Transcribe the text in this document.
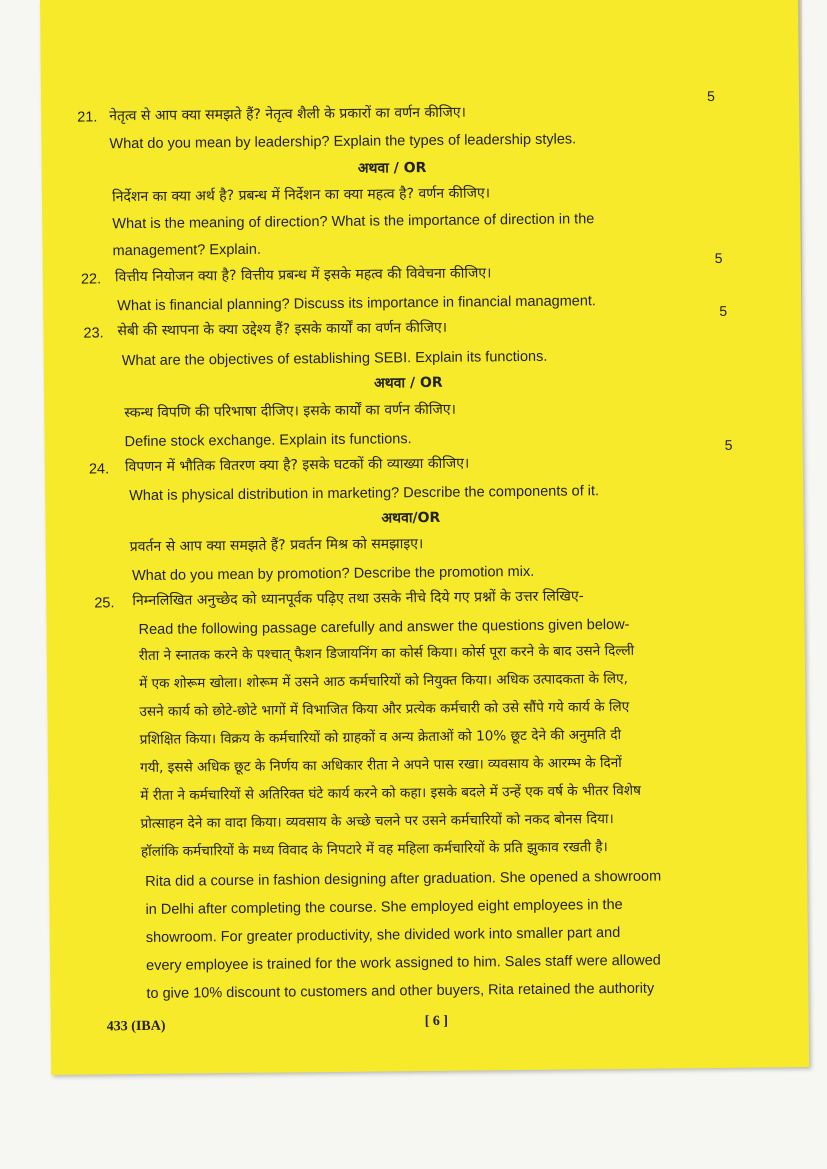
21.
5
नेतृत्व से आप क्या समझते हैं? नेतृत्व शैली के प्रकारों का वर्णन कीजिए।
What do you mean by leadership? Explain the types of leadership styles.
अथवा / OR
निर्देशन का क्या अर्थ है? प्रबन्ध में निर्देशन का क्या महत्व है? वर्णन कीजिए।
What is the meaning of direction? What is the importance of direction in the
management? Explain.
22.
5
वित्तीय नियोजन क्या है? वित्तीय प्रबन्ध में इसके महत्व की विवेचना कीजिए।
What is financial planning? Discuss its importance in financial managment.
23.
5
सेबी की स्थापना के क्या उद्देश्य हैं? इसके कार्यों का वर्णन कीजिए।
What are the objectives of establishing SEBI. Explain its functions.
अथवा / OR
स्कन्ध विपणि की परिभाषा दीजिए। इसके कार्यों का वर्णन कीजिए।
Define stock exchange. Explain its functions.
24.
5
विपणन में भौतिक वितरण क्या है? इसके घटकों की व्याख्या कीजिए।
What is physical distribution in marketing? Describe the components of it.
अथवा/OR
प्रवर्तन से आप क्या समझते हैं? प्रवर्तन मिश्र को समझाइए।
What do you mean by promotion? Describe the promotion mix.
25. निम्नलिखित अनुच्छेद को ध्यानपूर्वक पढ़िए तथा उसके नीचे दिये गए प्रश्नों के उत्तर लिखिए-
Read the following passage carefully and answer the questions given below-
रीता ने स्नातक करने के पश्चात् फैशन डिजायनिंग का कोर्स किया। कोर्स पूरा करने के बाद उसने दिल्ली
में एक शोरूम खोला। शोरूम में उसने आठ कर्मचारियों को नियुक्त किया। अधिक उत्पादकता के लिए,
उसने कार्य को छोटे-छोटे भागों में विभाजित किया और प्रत्येक कर्मचारी को उसे सौंपे गये कार्य के लिए
प्रशिक्षित किया। विक्रय के कर्मचारियों को ग्राहकों व अन्य क्रेताओं को 10% छूट देने की अनुमति दी
गयी, इससे अधिक छूट के निर्णय का अधिकार रीता ने अपने पास रखा। व्यवसाय के आरम्भ के दिनों
में रीता ने कर्मचारियों से अतिरिक्त घंटे कार्य करने को कहा। इसके बदले में उन्हें एक वर्ष के भीतर विशेष
प्रोत्साहन देने का वादा किया। व्यवसाय के अच्छे चलने पर उसने कर्मचारियों को नकद बोनस दिया।
हॉलांकि कर्मचारियों के मध्य विवाद के निपटारे में वह महिला कर्मचारियों के प्रति झुकाव रखती है।
Rita did a course in fashion designing after graduation. She opened a showroom
in Delhi after completing the course. She employed eight employees in the
showroom. For greater productivity, she divided work into smaller part and
every employee is trained for the work assigned to him. Sales staff were allowed
to give 10% discount to customers and other buyers, Rita retained the authority
433 (IBA)	[ 6 ]
